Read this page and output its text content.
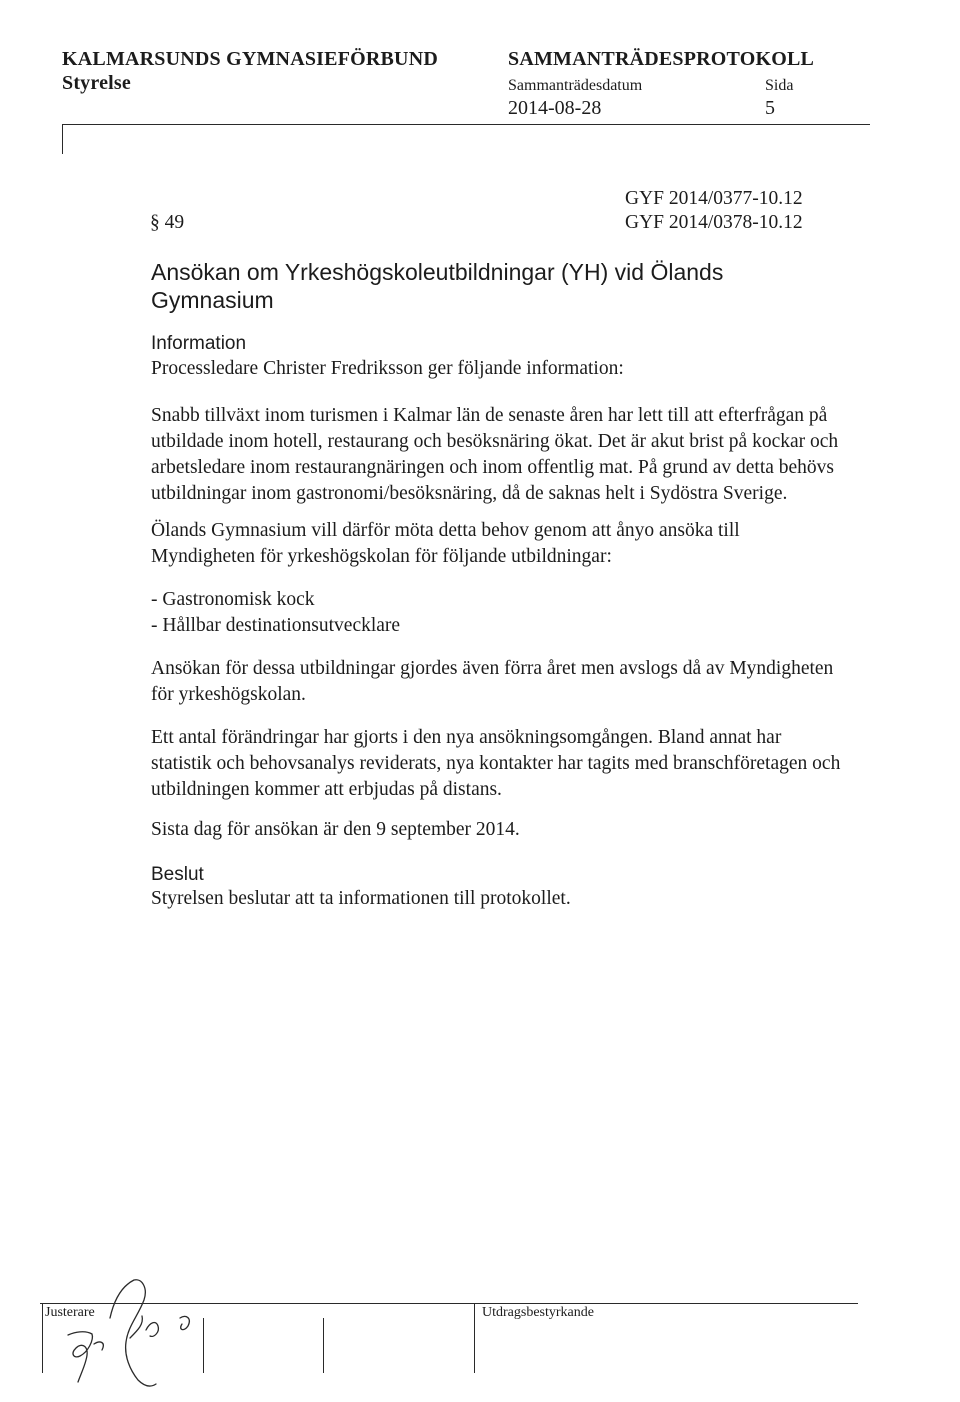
KALMARSUNDS GYMNASIEFÖRBUND	SAMMANTRÄDESPROTOKOLL
Styrelse	Sammanträdesdatum	Sida
2014-08-28	5
GYF 2014/0377-10.12
§ 49	GYF 2014/0378-10.12
Ansökan om Yrkeshögskoleutbildningar (YH) vid Ölands
Gymnasium
Information
Processledare Christer Fredriksson ger följande information:

Snabb tillväxt inom turismen i Kalmar län de senaste åren har lett till att efterfrågan på

utbildade inom hotell, restaurang och besöksnäring ökat. Det är akut brist på kockar och

arbetsledare inom restaurangnäringen och inom offentlig mat. På grund av detta behövs

utbildningar inom gastronomi/besöksnäring, då de saknas helt i Sydöstra Sverige.

Ölands Gymnasium vill därför möta detta behov genom att ånyo ansöka till

Myndigheten för yrkeshögskolan för följande utbildningar:

- Gastronomisk kock

- Hållbar destinationsutvecklare

Ansökan för dessa utbildningar gjordes även förra året men avslogs då av Myndigheten

för yrkeshögskolan.

Ett antal förändringar har gjorts i den nya ansökningsomgången. Bland annat har

statistik och behovsanalys reviderats, nya kontakter har tagits med branschföretagen och

utbildningen kommer att erbjudas på distans.

Sista dag för ansökan är den 9 september 2014.
Beslut
Styrelsen beslutar att ta informationen till protokollet.
Justerare	Utdragsbestyrkande
